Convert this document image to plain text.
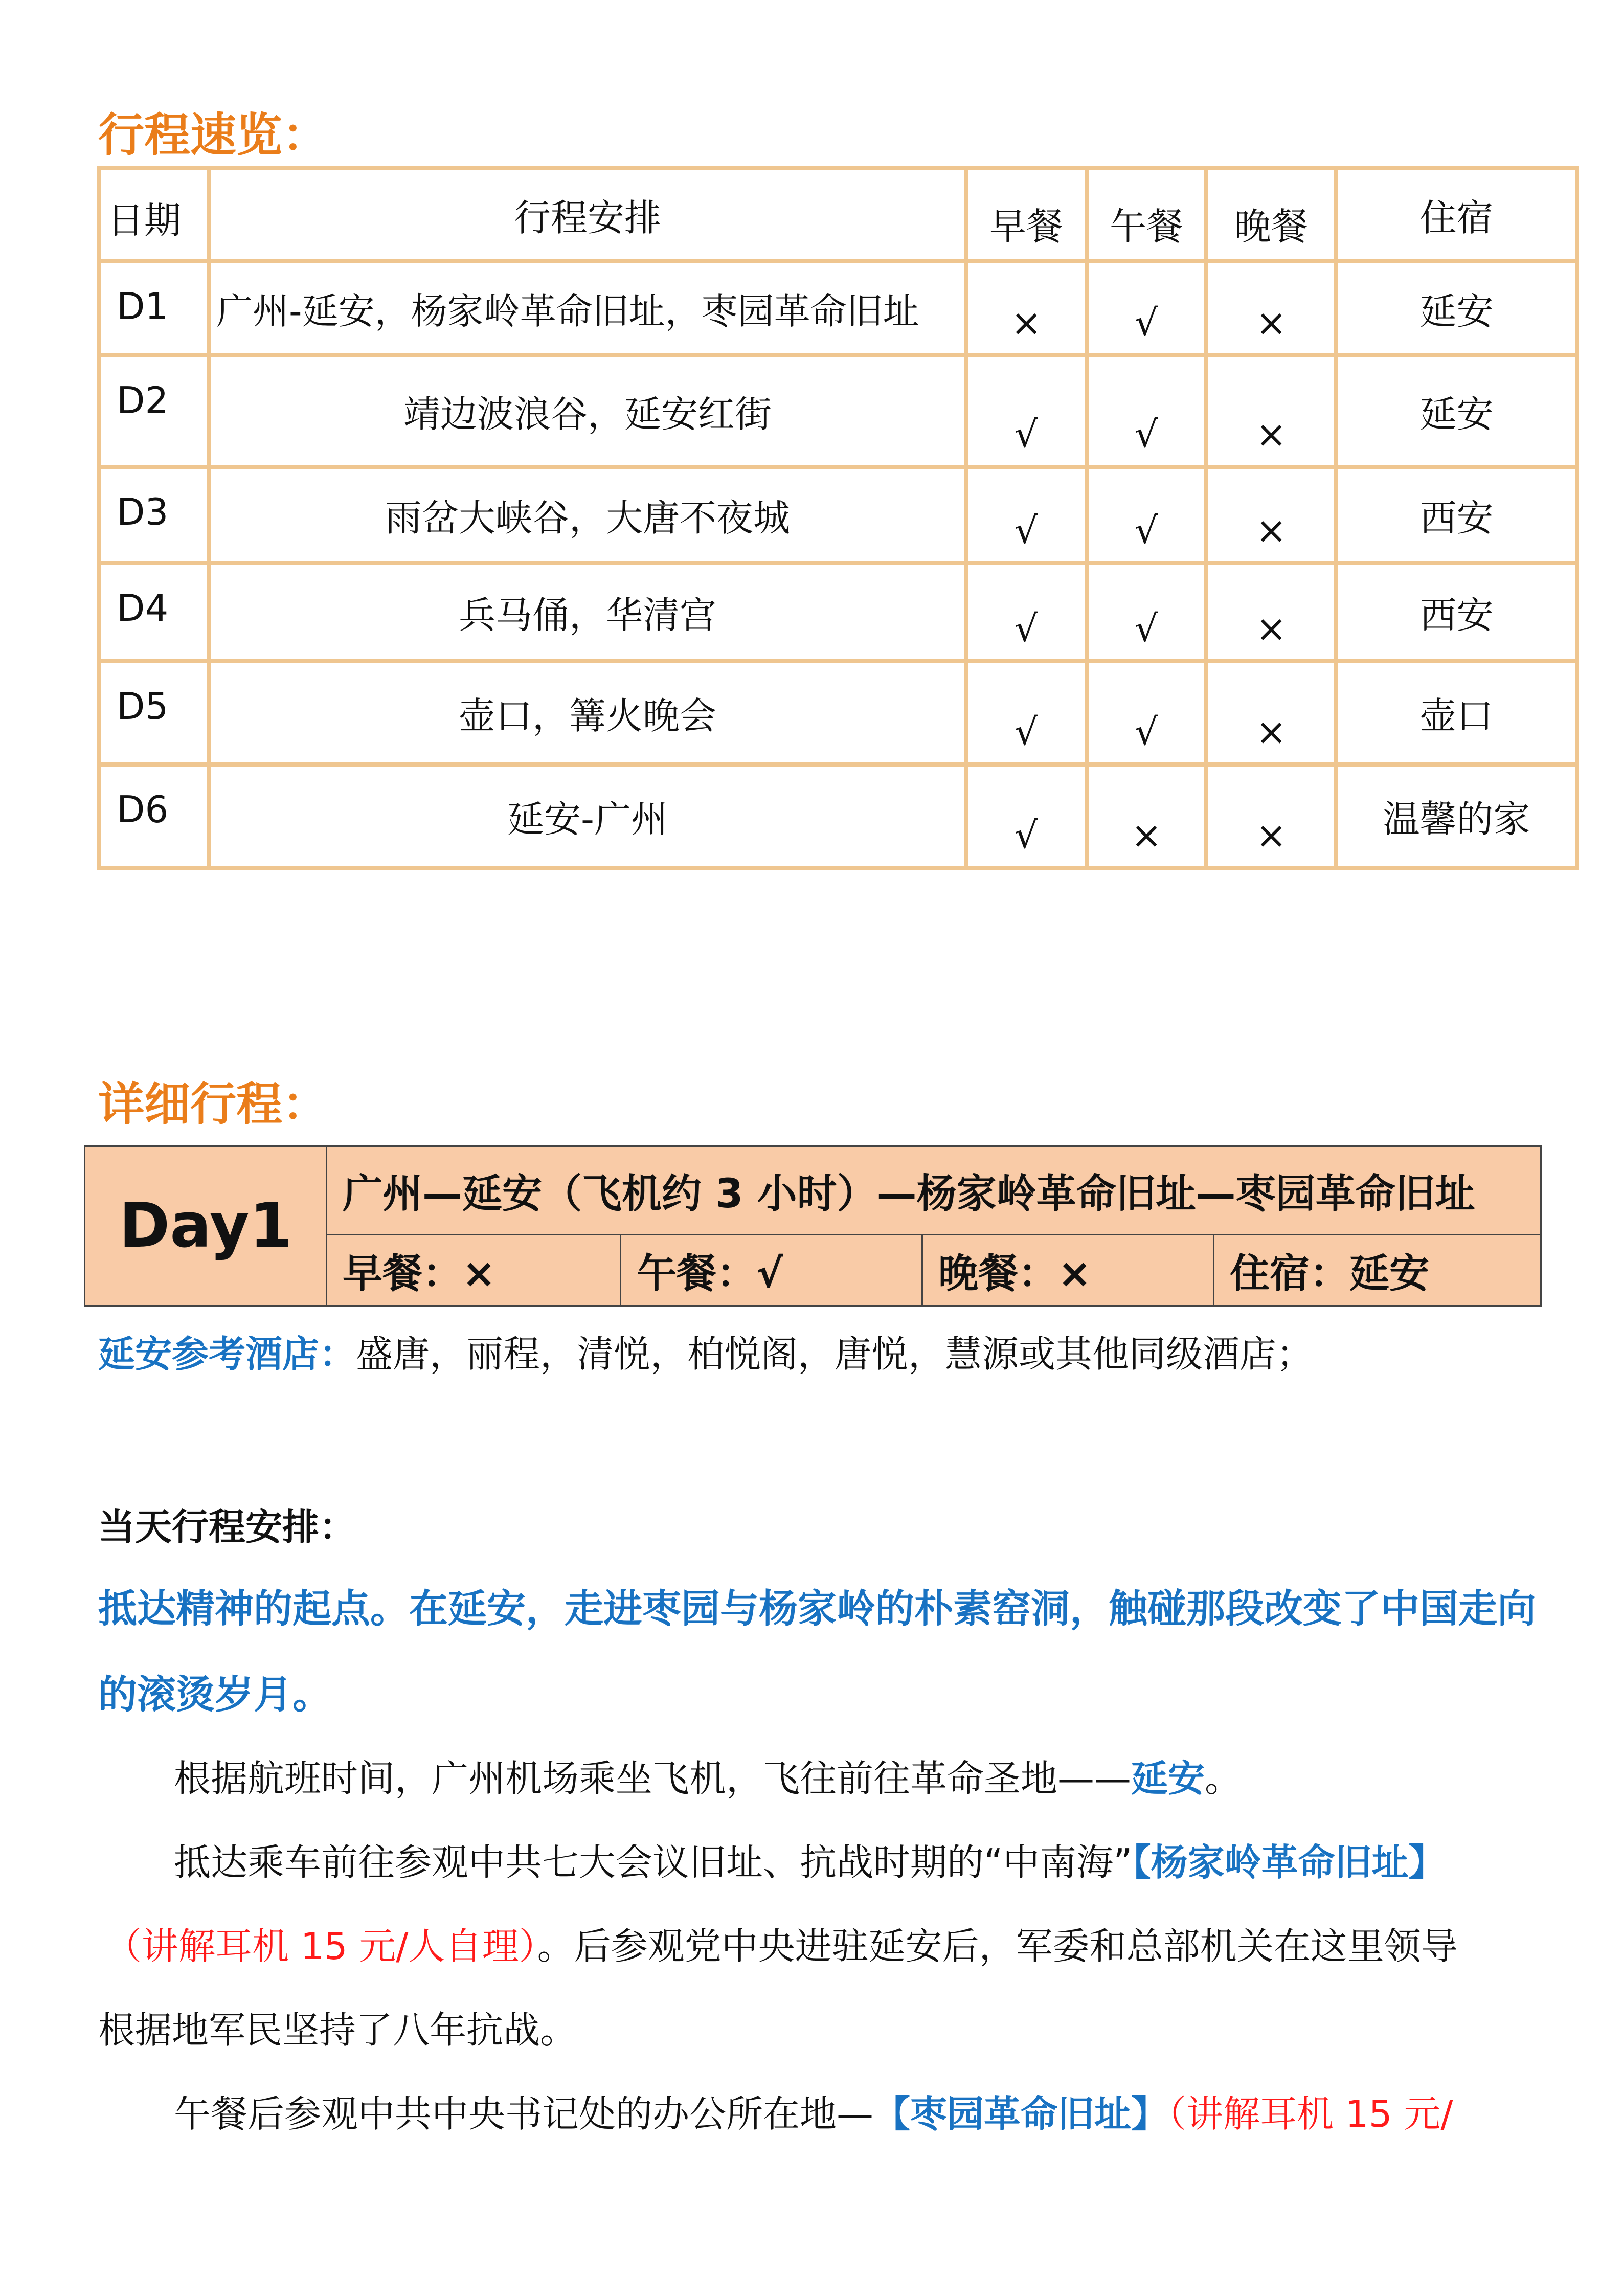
行程速览：
日期	行程安排	早餐	午餐	晚餐	住宿
D1	广州-延安，杨家岭革命旧址，枣园革命旧址	×	√	×	延安
D2	靖边波浪谷，延安红街	√	√	×	延安
D3	雨岔大峡谷，大唐不夜城	√	√	×	西安
D4	兵马俑，华清宫	√	√	×	西安
D5	壶口，篝火晚会	√	√	×	壶口
D6	延安-广州	√	×	×	温馨的家
详细行程：
Day1	广州—延安（飞机约 3 小时）—杨家岭革命旧址—枣园革命旧址			
	早餐：×	午餐：√	晚餐：×	住宿：延安

延安参考酒店：盛唐，丽程，清悦，柏悦阁，唐悦，慧源或其他同级酒店；

当天行程安排：

抵达精神的起点。在延安，走进枣园与杨家岭的朴素窑洞，触碰那段改变了中国走向

的滚烫岁月。

根据航班时间，广州机场乘坐飞机，飞往前往革命圣地——延安。

抵达乘车前往参观中共七大会议旧址、抗战时期的“中南海”【杨家岭革命旧址】

（讲解耳机 15 元/人自理）。后参观党中央进驻延安后，军委和总部机关在这里领导

根据地军民坚持了八年抗战。

午餐后参观中共中央书记处的办公所在地—【枣园革命旧址】（讲解耳机 15 元/
